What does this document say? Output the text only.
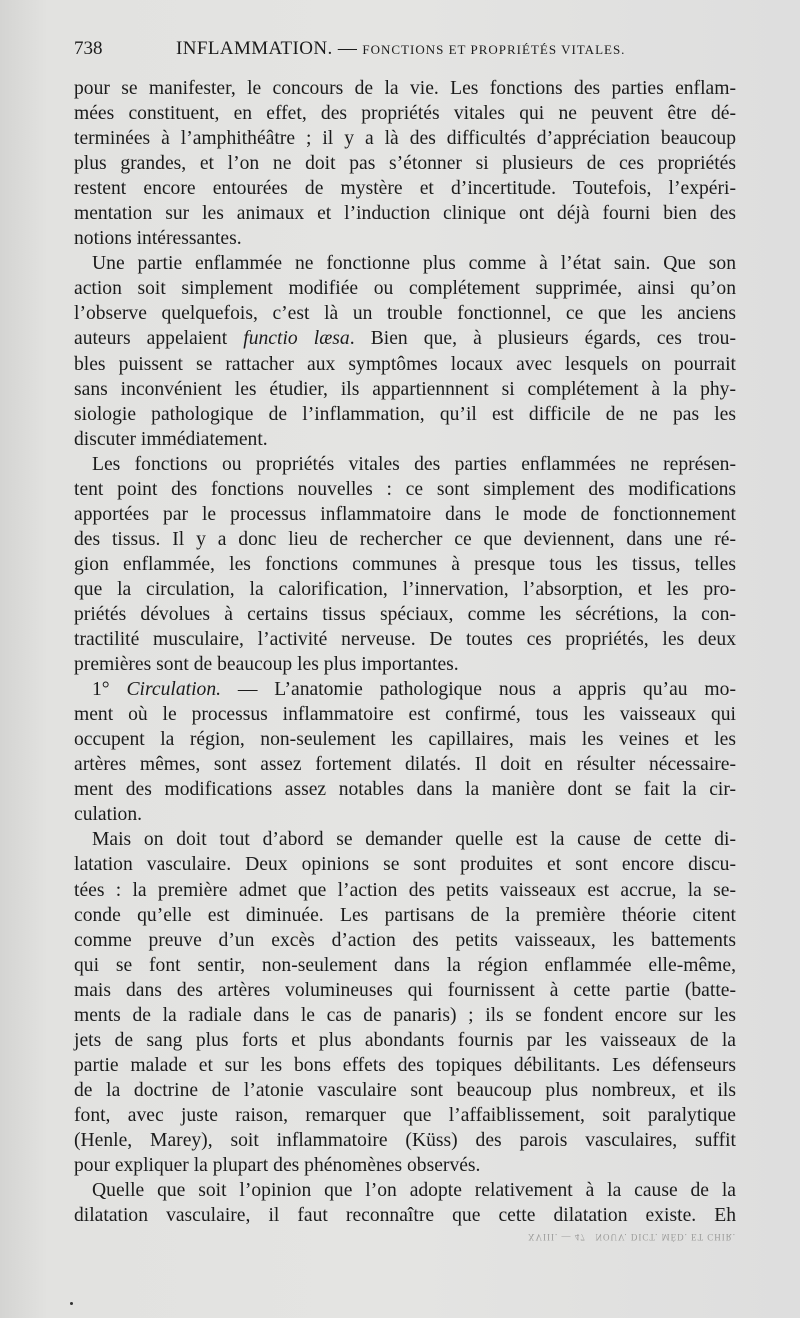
738	INFLAMMATION. — FONCTIONS ET PROPRIÉTÉS VITALES.
pour se manifester, le concours de la vie. Les fonctions des parties enflam-
mées constituent, en effet, des propriétés vitales qui ne peuvent être dé-
terminées à l’amphithéâtre ; il y a là des difficultés d’appréciation beaucoup
plus grandes, et l’on ne doit pas s’étonner si plusieurs de ces propriétés
restent encore entourées de mystère et d’incertitude. Toutefois, l’expéri-
mentation sur les animaux et l’induction clinique ont déjà fourni bien des
notions intéressantes.
Une partie enflammée ne fonctionne plus comme à l’état sain. Que son
action soit simplement modifiée ou complétement supprimée, ainsi qu’on
l’observe quelquefois, c’est là un trouble fonctionnel, ce que les anciens
auteurs appelaient functio læsa. Bien que, à plusieurs égards, ces trou-
bles puissent se rattacher aux symptômes locaux avec lesquels on pourrait
sans inconvénient les étudier, ils appartiennnent si complétement à la phy-
siologie pathologique de l’inflammation, qu’il est difficile de ne pas les
discuter immédiatement.
Les fonctions ou propriétés vitales des parties enflammées ne représen-
tent point des fonctions nouvelles : ce sont simplement des modifications
apportées par le processus inflammatoire dans le mode de fonctionnement
des tissus. Il y a donc lieu de rechercher ce que deviennent, dans une ré-
gion enflammée, les fonctions communes à presque tous les tissus, telles
que la circulation, la calorification, l’innervation, l’absorption, et les pro-
priétés dévolues à certains tissus spéciaux, comme les sécrétions, la con-
tractilité musculaire, l’activité nerveuse. De toutes ces propriétés, les deux
premières sont de beaucoup les plus importantes.
1° Circulation. — L’anatomie pathologique nous a appris qu’au mo-
ment où le processus inflammatoire est confirmé, tous les vaisseaux qui
occupent la région, non-seulement les capillaires, mais les veines et les
artères mêmes, sont assez fortement dilatés. Il doit en résulter nécessaire-
ment des modifications assez notables dans la manière dont se fait la cir-
culation.
Mais on doit tout d’abord se demander quelle est la cause de cette di-
latation vasculaire. Deux opinions se sont produites et sont encore discu-
tées : la première admet que l’action des petits vaisseaux est accrue, la se-
conde qu’elle est diminuée. Les partisans de la première théorie citent
comme preuve d’un excès d’action des petits vaisseaux, les battements
qui se font sentir, non-seulement dans la région enflammée elle-même,
mais dans des artères volumineuses qui fournissent à cette partie (batte-
ments de la radiale dans le cas de panaris) ; ils se fondent encore sur les
jets de sang plus forts et plus abondants fournis par les vaisseaux de la
partie malade et sur les bons effets des topiques débilitants. Les défenseurs
de la doctrine de l’atonie vasculaire sont beaucoup plus nombreux, et ils
font, avec juste raison, remarquer que l’affaiblissement, soit paralytique
(Henle, Marey), soit inflammatoire (Küss) des parois vasculaires, suffit
pour expliquer la plupart des phénomènes observés.
Quelle que soit l’opinion que l’on adopte relativement à la cause de la
dilatation vasculaire, il faut reconnaître que cette dilatation existe. Eh
XVIII. — 47 NOUV. DICT. MÉD. ET CHIR.
